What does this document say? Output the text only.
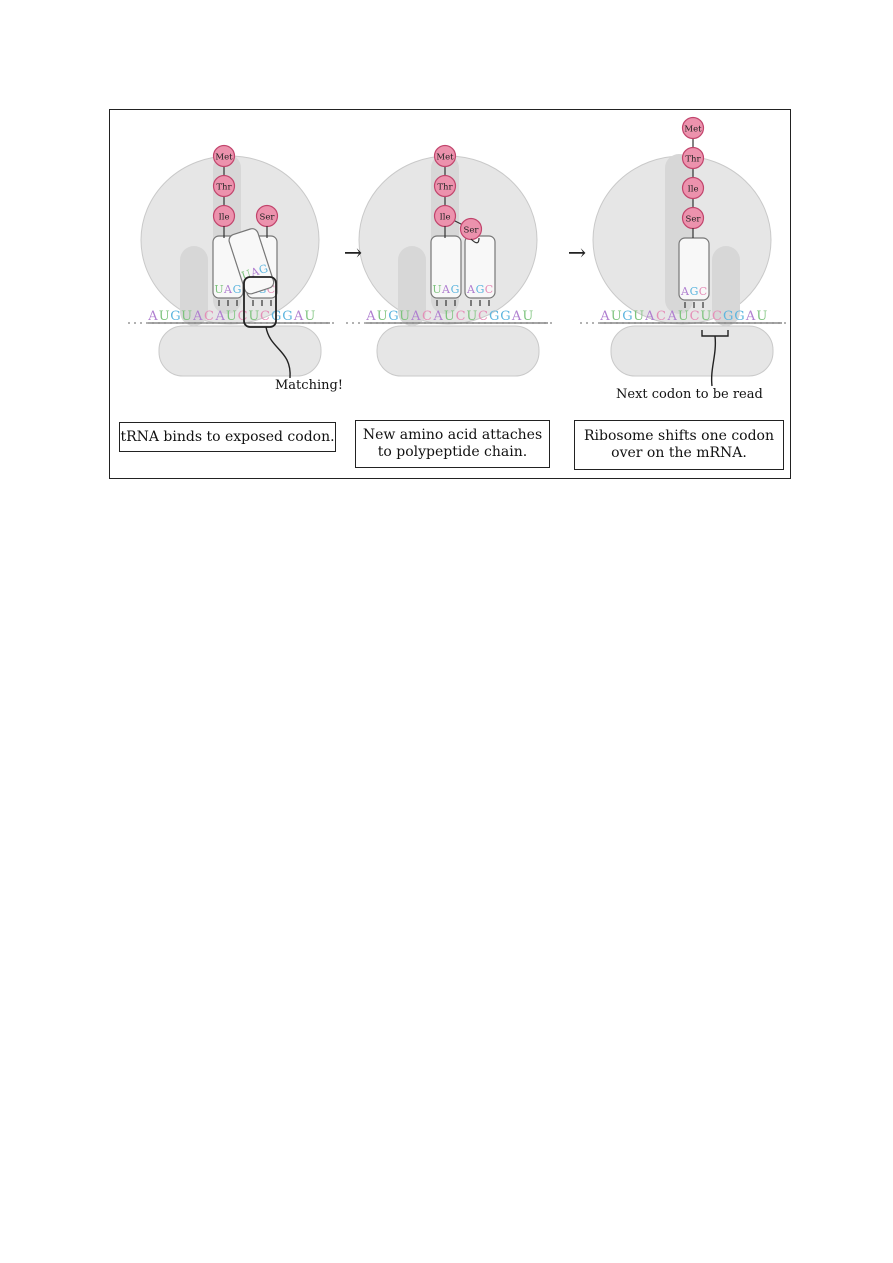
A U G U A C A U C U C G G A U
U A G C
Met
Thr
Ile	Ser
A U G U A C A U C U C G G A U
U A G A G C
Met
Thr
Ile
Ser
A U G U A C A U C U C G G A U
U
A
G
A G C
Met
Thr
Ile
Ser
→	→
tRNA binds to exposed codon. New amino acid attaches
to polypeptide chain.
Ribosome shifts one codon
over on the mRNA.
Matching!
Next codon to be read
